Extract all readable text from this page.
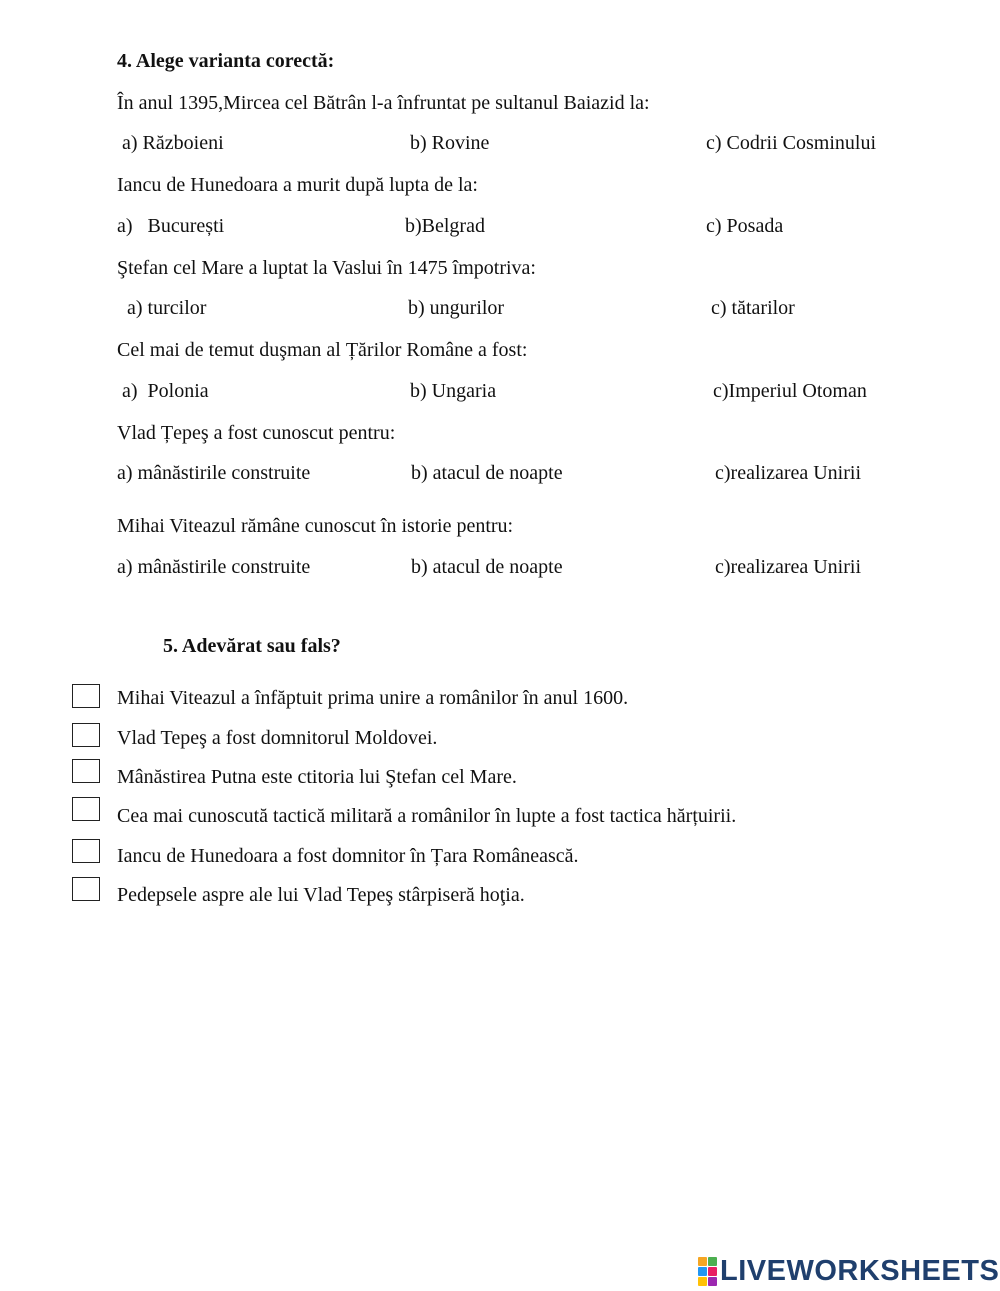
4. Alege varianta corectă:
În anul 1395,Mircea cel Bătrân l-a înfruntat pe sultanul Baiazid la:
a) Războieni	b) Rovine	c) Codrii Cosminului
Iancu de Hunedoara a murit după lupta de la:
a)   București	b)Belgrad	c) Posada
Ştefan cel Mare a luptat la Vaslui în 1475 împotriva:
a) turcilor	b) ungurilor	c) tătarilor
Cel mai de temut duşman al Țărilor Române a fost:
a)  Polonia	b) Ungaria	c)Imperiul Otoman
Vlad Țepeş a fost cunoscut pentru:
a) mânăstirile construite	b) atacul de noapte	c)realizarea Unirii
Mihai Viteazul rămâne cunoscut în istorie pentru:
a) mânăstirile construite	b) atacul de noapte	c)realizarea Unirii
5. Adevărat sau fals?
Mihai Viteazul a înfăptuit prima unire a românilor în anul 1600.
Vlad Tepeş a fost domnitorul Moldovei.
Mânăstirea Putna este ctitoria lui Ştefan cel Mare.
Cea mai cunoscută tactică militară a românilor în lupte a fost tactica hărțuirii.
Iancu de Hunedoara a fost domnitor în Țara Românească.
Pedepsele aspre ale lui Vlad Tepeş stârpiseră hoţia.
LIVEWORKSHEETS
